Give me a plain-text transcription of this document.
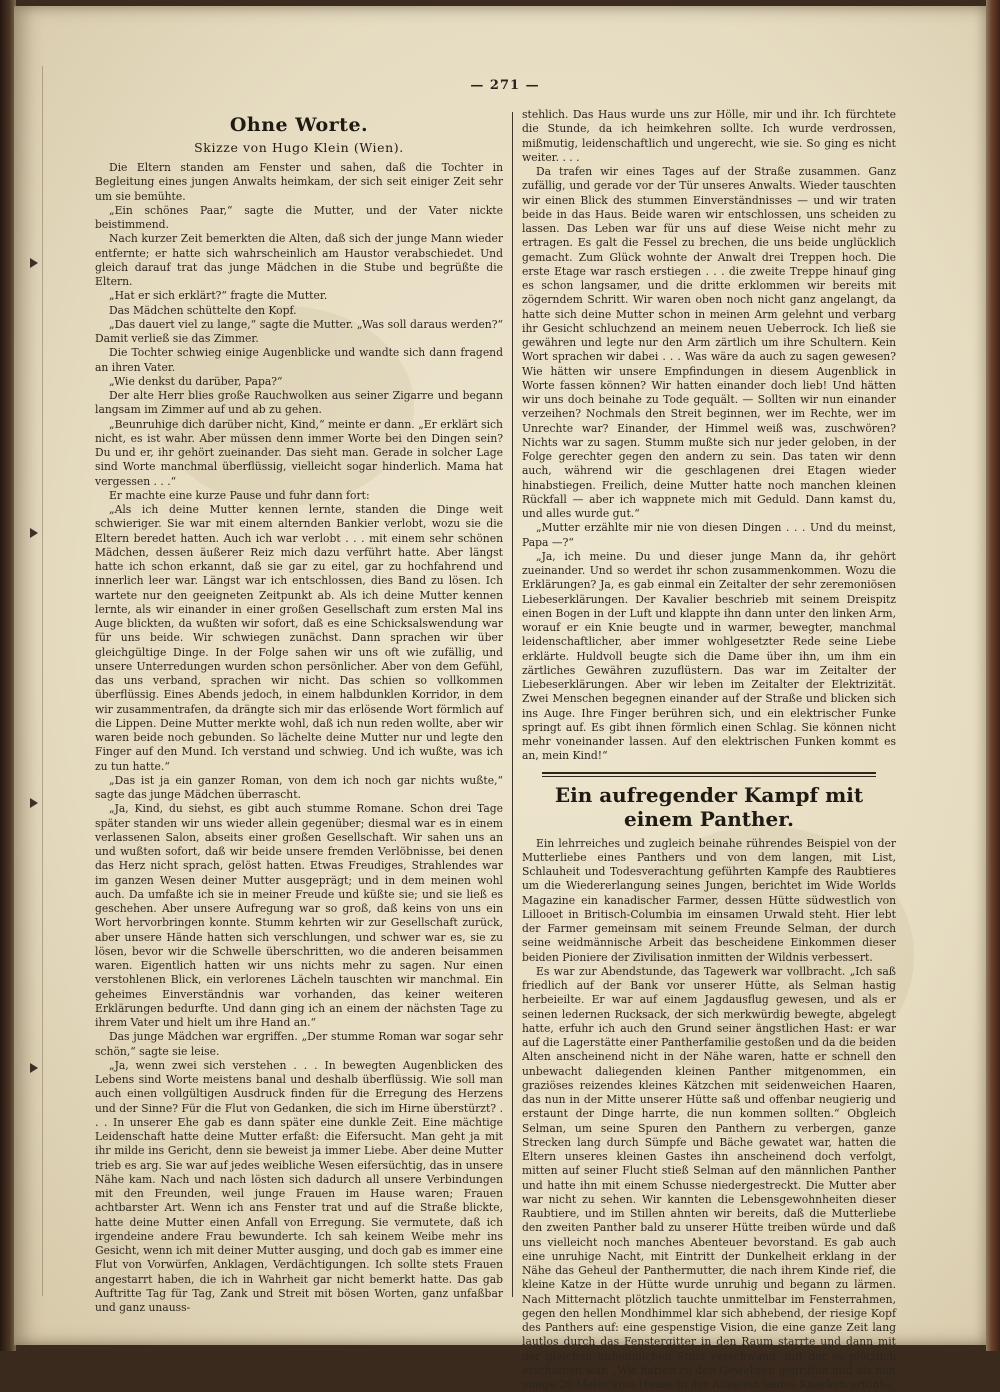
— 271 —
Ohne Worte.
Skizze von Hugo Klein (Wien).

Die Eltern standen am Fenster und sahen, daß die Tochter in Begleitung eines jungen Anwalts heimkam, der sich seit einiger Zeit sehr um sie bemühte.

„Ein schönes Paar,“ sagte die Mutter, und der Vater nickte beistimmend.

Nach kurzer Zeit bemerkten die Alten, daß sich der junge Mann wieder entfernte; er hatte sich wahrscheinlich am Haustor verabschiedet. Und gleich darauf trat das junge Mädchen in die Stube und begrüßte die Eltern.

„Hat er sich erklärt?“ fragte die Mutter.

Das Mädchen schüttelte den Kopf.

„Das dauert viel zu lange,“ sagte die Mutter. „Was soll daraus werden?“ Damit verließ sie das Zimmer.

Die Tochter schwieg einige Augenblicke und wandte sich dann fragend an ihren Vater.

„Wie denkst du darüber, Papa?“

Der alte Herr blies große Rauchwolken aus seiner Zigarre und begann langsam im Zimmer auf und ab zu gehen.

„Beunruhige dich darüber nicht, Kind,“ meinte er dann. „Er erklärt sich nicht, es ist wahr. Aber müssen denn immer Worte bei den Dingen sein? Du und er, ihr gehört zueinander. Das sieht man. Gerade in solcher Lage sind Worte manchmal überflüssig, vielleicht sogar hinderlich. Mama hat vergessen . . .“

Er machte eine kurze Pause und fuhr dann fort:

„Als ich deine Mutter kennen lernte, standen die Dinge weit schwieriger. Sie war mit einem alternden Bankier verlobt, wozu sie die Eltern beredet hatten. Auch ich war verlobt . . . mit einem sehr schönen Mädchen, dessen äußerer Reiz mich dazu verführt hatte. Aber längst hatte ich schon erkannt, daß sie gar zu eitel, gar zu hochfahrend und innerlich leer war. Längst war ich entschlossen, dies Band zu lösen. Ich wartete nur den geeigneten Zeitpunkt ab. Als ich deine Mutter kennen lernte, als wir einander in einer großen Gesellschaft zum ersten Mal ins Auge blickten, da wußten wir sofort, daß es eine Schicksalswendung war für uns beide. Wir schwiegen zunächst. Dann sprachen wir über gleichgültige Dinge. In der Folge sahen wir uns oft wie zufällig, und unsere Unterredungen wurden schon persönlicher. Aber von dem Gefühl, das uns verband, sprachen wir nicht. Das schien so vollkommen überflüssig. Eines Abends jedoch, in einem halbdunklen Korridor, in dem wir zusammentrafen, da drängte sich mir das erlösende Wort förmlich auf die Lippen. Deine Mutter merkte wohl, daß ich nun reden wollte, aber wir waren beide noch gebunden. So lächelte deine Mutter nur und legte den Finger auf den Mund. Ich verstand und schwieg. Und ich wußte, was ich zu tun hatte.“

„Das ist ja ein ganzer Roman, von dem ich noch gar nichts wußte,“ sagte das junge Mädchen überrascht.

„Ja, Kind, du siehst, es gibt auch stumme Romane. Schon drei Tage später standen wir uns wieder allein gegenüber; diesmal war es in einem verlassenen Salon, abseits einer großen Gesellschaft. Wir sahen uns an und wußten sofort, daß wir beide unsere fremden Verlöbnisse, bei denen das Herz nicht sprach, gelöst hatten. Etwas Freudiges, Strahlendes war im ganzen Wesen deiner Mutter ausgeprägt; und in dem meinen wohl auch. Da umfaßte ich sie in meiner Freude und küßte sie; und sie ließ es geschehen. Aber unsere Aufregung war so groß, daß keins von uns ein Wort hervorbringen konnte. Stumm kehrten wir zur Gesellschaft zurück, aber unsere Hände hatten sich verschlungen, und schwer war es, sie zu lösen, bevor wir die Schwelle überschritten, wo die anderen beisammen waren. Eigentlich hatten wir uns nichts mehr zu sagen. Nur einen verstohlenen Blick, ein verlorenes Lächeln tauschten wir manchmal. Ein geheimes Einverständnis war vorhanden, das keiner weiteren Erklärungen bedurfte. Und dann ging ich an einem der nächsten Tage zu ihrem Vater und hielt um ihre Hand an.“

Das junge Mädchen war ergriffen. „Der stumme Roman war sogar sehr schön,“ sagte sie leise.

„Ja, wenn zwei sich verstehen . . . In bewegten Augenblicken des Lebens sind Worte meistens banal und deshalb überflüssig. Wie soll man auch einen vollgültigen Ausdruck finden für die Erregung des Herzens und der Sinne? Für die Flut von Gedanken, die sich im Hirne überstürzt? . . . In unserer Ehe gab es dann später eine dunkle Zeit. Eine mächtige Leidenschaft hatte deine Mutter erfaßt: die Eifersucht. Man geht ja mit ihr milde ins Gericht, denn sie beweist ja immer Liebe. Aber deine Mutter trieb es arg. Sie war auf jedes weibliche Wesen eifersüchtig, das in unsere Nähe kam. Nach und nach lösten sich dadurch all unsere Verbindungen mit den Freunden, weil junge Frauen im Hause waren; Frauen achtbarster Art. Wenn ich ans Fenster trat und auf die Straße blickte, hatte deine Mutter einen Anfall von Erregung. Sie vermutete, daß ich irgendeine andere Frau bewunderte. Ich sah keinem Weibe mehr ins Gesicht, wenn ich mit deiner Mutter ausging, und doch gab es immer eine Flut von Vorwürfen, Anklagen, Verdächtigungen. Ich sollte stets Frauen angestarrt haben, die ich in Wahrheit gar nicht bemerkt hatte. Das gab Auftritte Tag für Tag, Zank und Streit mit bösen Worten, ganz unfaßbar und ganz unauss-

stehlich. Das Haus wurde uns zur Hölle, mir und ihr. Ich fürchtete die Stunde, da ich heimkehren sollte. Ich wurde verdrossen, mißmutig, leidenschaftlich und ungerecht, wie sie. So ging es nicht weiter. . . .

Da trafen wir eines Tages auf der Straße zusammen. Ganz zufällig, und gerade vor der Tür unseres Anwalts. Wieder tauschten wir einen Blick des stummen Einverständnisses — und wir traten beide in das Haus. Beide waren wir entschlossen, uns scheiden zu lassen. Das Leben war für uns auf diese Weise nicht mehr zu ertragen. Es galt die Fessel zu brechen, die uns beide unglücklich gemacht. Zum Glück wohnte der Anwalt drei Treppen hoch. Die erste Etage war rasch erstiegen . . . die zweite Treppe hinauf ging es schon langsamer, und die dritte erklommen wir bereits mit zögerndem Schritt. Wir waren oben noch nicht ganz angelangt, da hatte sich deine Mutter schon in meinen Arm gelehnt und verbarg ihr Gesicht schluchzend an meinem neuen Ueberrock. Ich ließ sie gewähren und legte nur den Arm zärtlich um ihre Schultern. Kein Wort sprachen wir dabei . . . Was wäre da auch zu sagen gewesen? Wie hätten wir unsere Empfindungen in diesem Augenblick in Worte fassen können? Wir hatten einander doch lieb! Und hätten wir uns doch beinahe zu Tode gequält. — Sollten wir nun einander verzeihen? Nochmals den Streit beginnen, wer im Rechte, wer im Unrechte war? Einander, der Himmel weiß was, zuschwören? Nichts war zu sagen. Stumm mußte sich nur jeder geloben, in der Folge gerechter gegen den andern zu sein. Das taten wir denn auch, während wir die geschlagenen drei Etagen wieder hinabstiegen. Freilich, deine Mutter hatte noch manchen kleinen Rückfall — aber ich wappnete mich mit Geduld. Dann kamst du, und alles wurde gut.“

„Mutter erzählte mir nie von diesen Dingen . . . Und du meinst, Papa —?“

„Ja, ich meine. Du und dieser junge Mann da, ihr gehört zueinander. Und so werdet ihr schon zusammenkommen. Wozu die Erklärungen? Ja, es gab einmal ein Zeitalter der sehr zeremoniösen Liebeserklärungen. Der Kavalier beschrieb mit seinem Dreispitz einen Bogen in der Luft und klappte ihn dann unter den linken Arm, worauf er ein Knie beugte und in warmer, bewegter, manchmal leidenschaftlicher, aber immer wohlgesetzter Rede seine Liebe erklärte. Huldvoll beugte sich die Dame über ihn, um ihm ein zärtliches Gewähren zuzuflüstern. Das war im Zeitalter der Liebeserklärungen. Aber wir leben im Zeitalter der Elektrizität. Zwei Menschen begegnen einander auf der Straße und blicken sich ins Auge. Ihre Finger berühren sich, und ein elektrischer Funke springt auf. Es gibt ihnen förmlich einen Schlag. Sie können nicht mehr voneinander lassen. Auf den elektrischen Funken kommt es an, mein Kind!“

Ein aufregender Kampf mit einem Panther.

Ein lehrreiches und zugleich beinahe rührendes Beispiel von der Mutterliebe eines Panthers und von dem langen, mit List, Schlauheit und Todesverachtung geführten Kampfe des Raubtieres um die Wiedererlangung seines Jungen, berichtet im Wide Worlds Magazine ein kanadischer Farmer, dessen Hütte südwestlich von Lillooet in Britisch-Columbia im einsamen Urwald steht. Hier lebt der Farmer gemeinsam mit seinem Freunde Selman, der durch seine weidmännische Arbeit das bescheidene Einkommen dieser beiden Pioniere der Zivilisation inmitten der Wildnis verbessert.

Es war zur Abendstunde, das Tagewerk war vollbracht. „Ich saß friedlich auf der Bank vor unserer Hütte, als Selman hastig herbeieilte. Er war auf einem Jagdausflug gewesen, und als er seinen ledernen Rucksack, der sich merkwürdig bewegte, abgelegt hatte, erfuhr ich auch den Grund seiner ängstlichen Hast: er war auf die Lagerstätte einer Pantherfamilie gestoßen und da die beiden Alten anscheinend nicht in der Nähe waren, hatte er schnell den unbewacht daliegenden kleinen Panther mitgenommen, ein graziöses reizendes kleines Kätzchen mit seidenweichen Haaren, das nun in der Mitte unserer Hütte saß und offenbar neugierig und erstaunt der Dinge harrte, die nun kommen sollten.“ Obgleich Selman, um seine Spuren den Panthern zu verbergen, ganze Strecken lang durch Sümpfe und Bäche gewatet war, hatten die Eltern unseres kleinen Gastes ihn anscheinend doch verfolgt, mitten auf seiner Flucht stieß Selman auf den männlichen Panther und hatte ihn mit einem Schusse niedergestreckt. Die Mutter aber war nicht zu sehen. Wir kannten die Lebensgewohnheiten dieser Raubtiere, und im Stillen ahnten wir bereits, daß die Mutterliebe den zweiten Panther bald zu unserer Hütte treiben würde und daß uns vielleicht noch manches Abenteuer bevorstand. Es gab auch eine unruhige Nacht, mit Eintritt der Dunkelheit erklang in der Nähe das Geheul der Panthermutter, die nach ihrem Kinde rief, die kleine Katze in der Hütte wurde unruhig und begann zu lärmen. Nach Mitternacht plötzlich tauchte unmittelbar im Fensterrahmen, gegen den hellen Mondhimmel klar sich abhebend, der riesige Kopf des Panthers auf: eine gespenstige Vision, die eine ganze Zeit lang lautlos durch das Fenstergitter in den Raum starrte und dann mit der gleichen unheimlichen Stille verschwand, mit der es plötzlich erschienen war. „Wir hatten zu den Gewehren gegriffen und als nun einige 20 Meter vom Hause in der Allee ein lautes Knacken ertönte,
